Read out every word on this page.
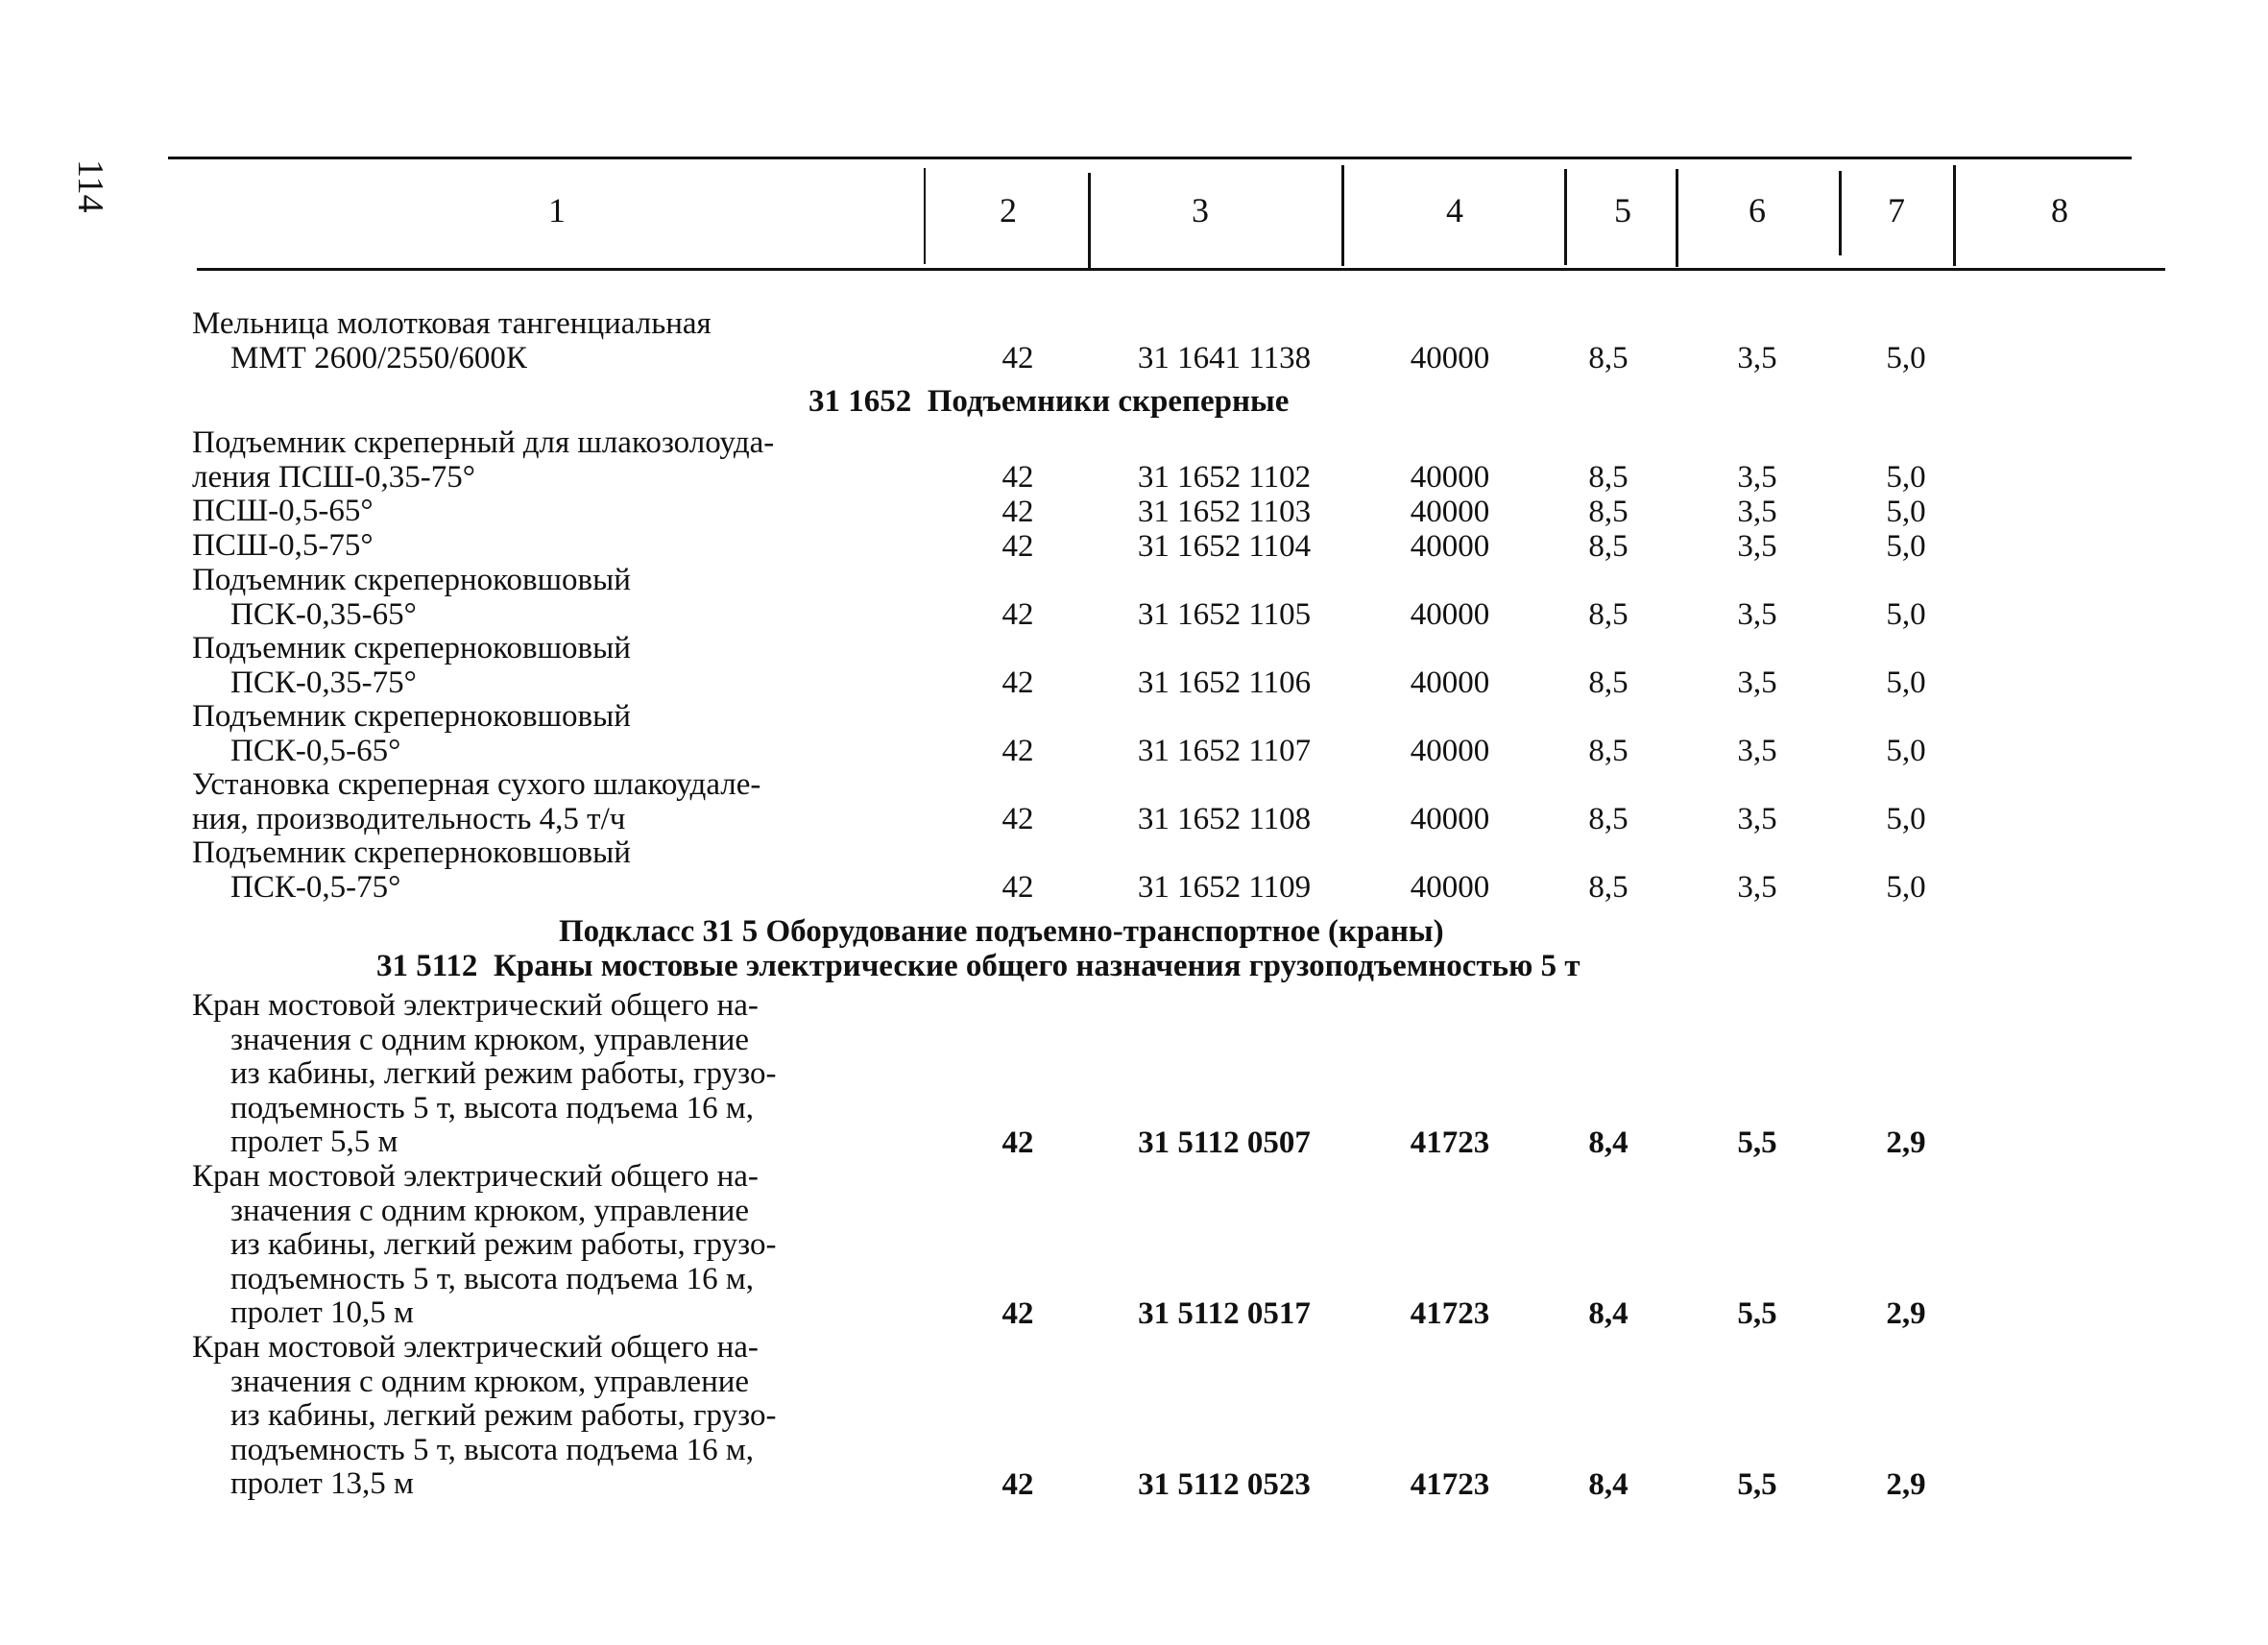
114	1	2	3	4	5	6	7	8
Мельница молотковая тангенциальная
ММТ 2600/2550/600К	42	31 1641 1138	40000	8,5	3,5	5,0
31 1652 Подъемники скреперные
Подъемник скреперный для шлакозолоуда-
ления ПСШ-0,35-75°	42	31 1652 1102	40000	8,5	3,5	5,0
ПСШ-0,5-65°	42	31 1652 1103	40000	8,5	3,5	5,0
ПСШ-0,5-75°	42	31 1652 1104	40000	8,5	3,5	5,0
Подъемник скреперноковшовый
ПСК-0,35-65°	42	31 1652 1105	40000	8,5	3,5	5,0
Подъемник скреперноковшовый
ПСК-0,35-75°	42	31 1652 1106	40000	8,5	3,5	5,0
Подъемник скреперноковшовый
ПСК-0,5-65°	42	31 1652 1107	40000	8,5	3,5	5,0
Установка скреперная сухого шлакоудале-
ния, производительность 4,5 т/ч	42	31 1652 1108	40000	8,5	3,5	5,0
Подъемник скреперноковшовый
ПСК-0,5-75°	42	31 1652 1109	40000	8,5	3,5	5,0
Подкласс 31 5 Оборудование подъемно-транспортное (краны)
31 5112 Краны мостовые электрические общего назначения грузоподъемностью 5 т
Кран мостовой электрический общего на-
значения с одним крюком, управление
из кабины, легкий режим работы, грузо-
подъемность 5 т, высота подъема 16 м,
пролет 5,5 м	42	31 5112 0507	41723	8,4	5,5	2,9
Кран мостовой электрический общего на-
значения с одним крюком, управление
из кабины, легкий режим работы, грузо-
подъемность 5 т, высота подъема 16 м,
пролет 10,5 м	42	31 5112 0517	41723	8,4	5,5	2,9
Кран мостовой электрический общего на-
значения с одним крюком, управление
из кабины, легкий режим работы, грузо-
подъемность 5 т, высота подъема 16 м,
пролет 13,5 м	42	31 5112 0523	41723	8,4	5,5	2,9
